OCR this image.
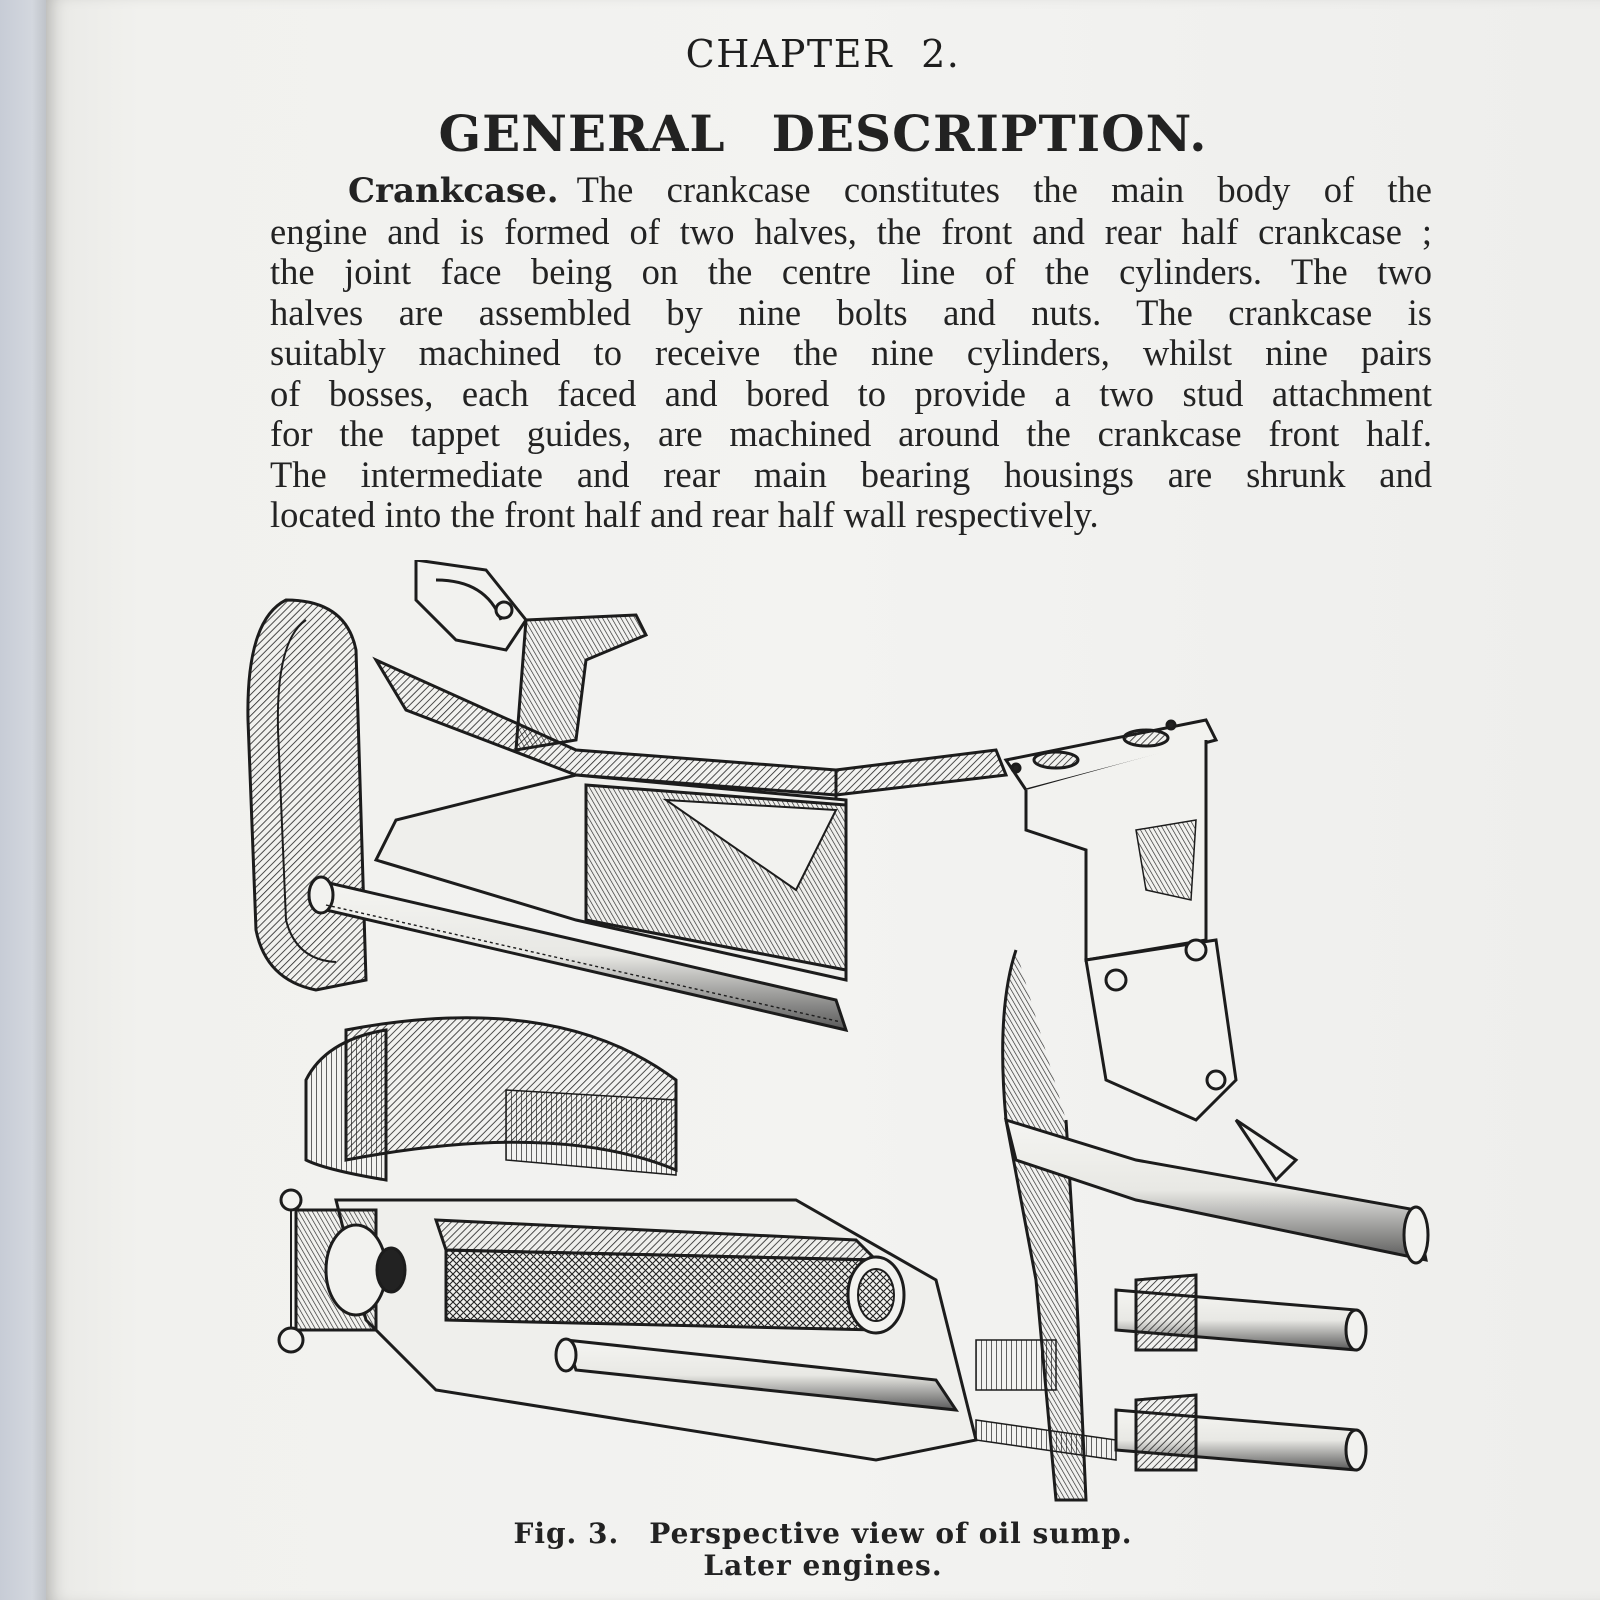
CHAPTER 2.
GENERAL DESCRIPTION.
Crankcase. The crankcase constitutes the main body of the
engine and is formed of two halves, the front and rear half crankcase ;
the joint face being on the centre line of the cylinders. The two
halves are assembled by nine bolts and nuts. The crankcase is
suitably machined to receive the nine cylinders, whilst nine pairs
of bosses, each faced and bored to provide a two stud attachment
for the tappet guides, are machined around the crankcase front half.
The intermediate and rear main bearing housings are shrunk and
located into the front half and rear half wall respectively.
Fig. 3. Perspective view of oil sump.
Later engines.
